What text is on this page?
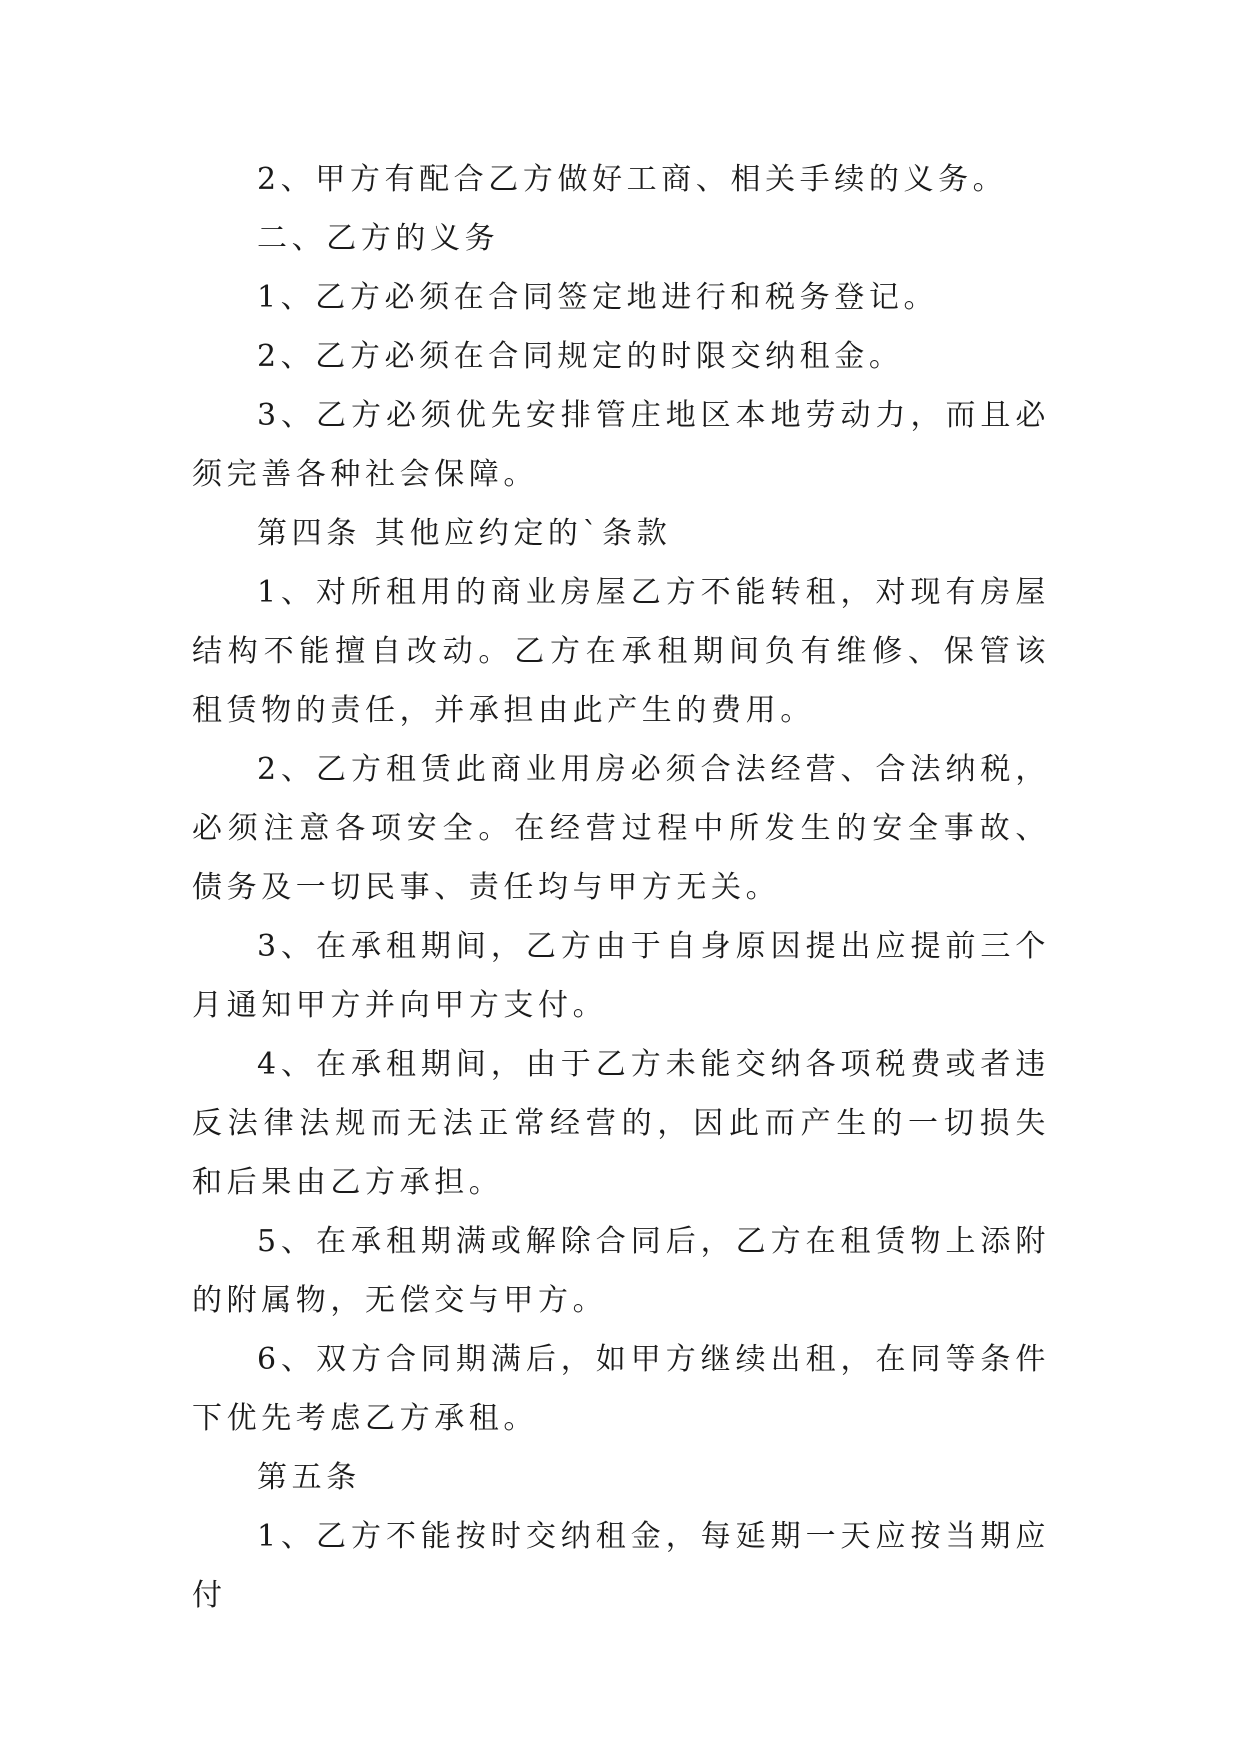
2、甲方有配合乙方做好工商、相关手续的义务。

二、乙方的义务

1、乙方必须在合同签定地进行和税务登记。

2、乙方必须在合同规定的时限交纳租金。

3、乙方必须优先安排管庄地区本地劳动力，而且必须完善各种社会保障。

第四条 其他应约定的`条款

1、对所租用的商业房屋乙方不能转租，对现有房屋结构不能擅自改动。乙方在承租期间负有维修、保管该租赁物的责任，并承担由此产生的费用。

2、乙方租赁此商业用房必须合法经营、合法纳税，必须注意各项安全。在经营过程中所发生的安全事故、债务及一切民事、责任均与甲方无关。

3、在承租期间，乙方由于自身原因提出应提前三个月通知甲方并向甲方支付。

4、在承租期间，由于乙方未能交纳各项税费或者违反法律法规而无法正常经营的，因此而产生的一切损失和后果由乙方承担。

5、在承租期满或解除合同后，乙方在租赁物上添附的附属物，无偿交与甲方。

6、双方合同期满后，如甲方继续出租，在同等条件下优先考虑乙方承租。

第五条

1、乙方不能按时交纳租金，每延期一天应按当期应付
